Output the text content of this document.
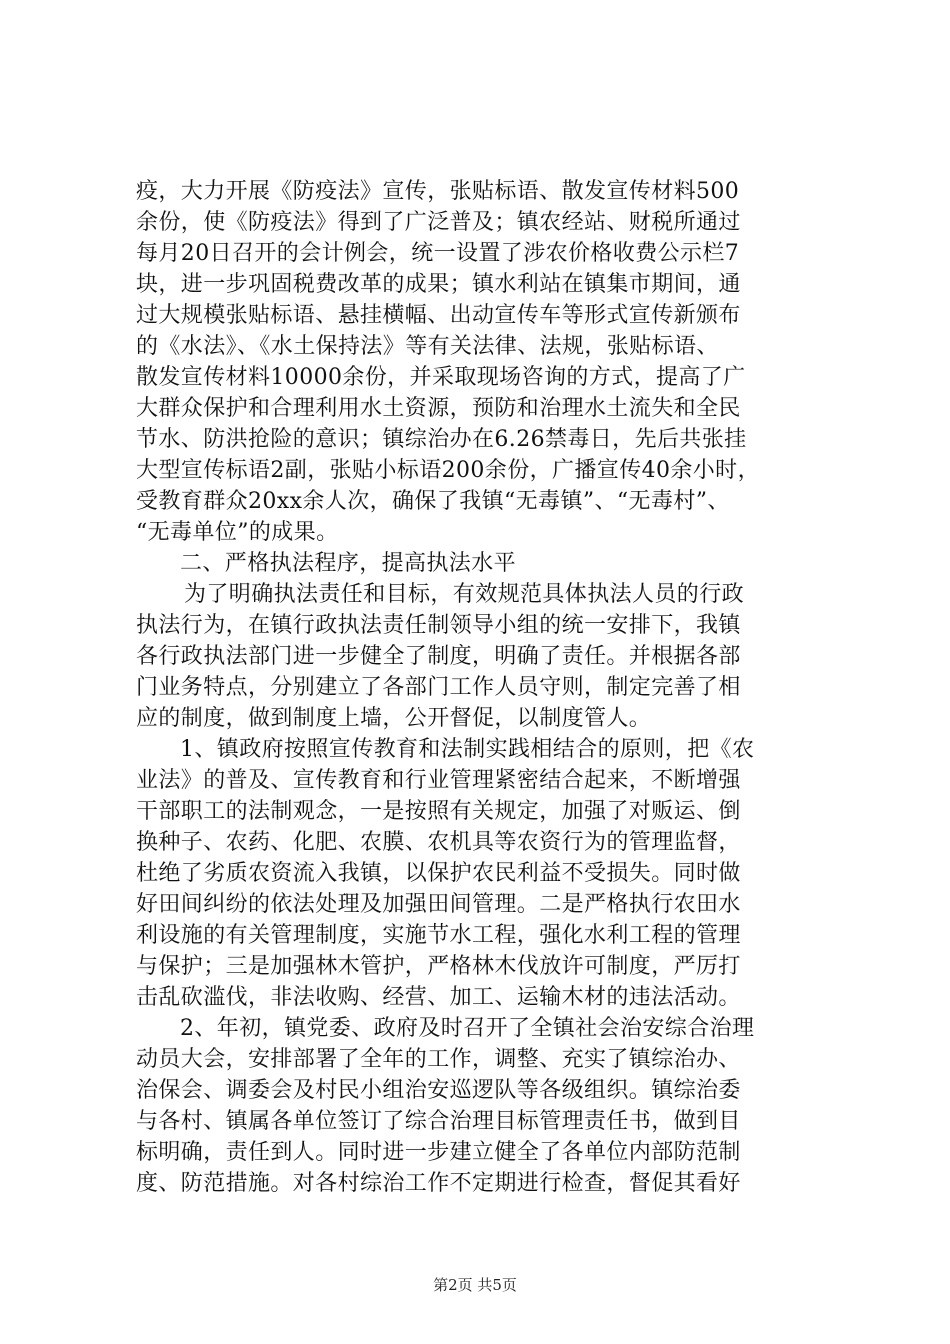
疫，大力开展《防疫法》宣传，张贴标语、散发宣传材料500
余份，使《防疫法》得到了广泛普及；镇农经站、财税所通过
每月20日召开的会计例会，统一设置了涉农价格收费公示栏7
块，进一步巩固税费改革的成果；镇水利站在镇集市期间，通
过大规模张贴标语、悬挂横幅、出动宣传车等形式宣传新颁布
的《水法》、《水土保持法》等有关法律、法规，张贴标语、
散发宣传材料10000余份，并采取现场咨询的方式，提高了广
大群众保护和合理利用水土资源，预防和治理水土流失和全民
节水、防洪抢险的意识；镇综治办在6.26禁毒日，先后共张挂
大型宣传标语2副，张贴小标语200余份，广播宣传40余小时，
受教育群众20xx余人次，确保了我镇“无毒镇”、“无毒村”、
“无毒单位”的成果。
二、严格执法程序，提高执法水平
为了明确执法责任和目标，有效规范具体执法人员的行政
执法行为，在镇行政执法责任制领导小组的统一安排下，我镇
各行政执法部门进一步健全了制度，明确了责任。并根据各部
门业务特点，分别建立了各部门工作人员守则，制定完善了相
应的制度，做到制度上墙，公开督促，以制度管人。
1、镇政府按照宣传教育和法制实践相结合的原则，把《农
业法》的普及、宣传教育和行业管理紧密结合起来，不断增强
干部职工的法制观念，一是按照有关规定，加强了对贩运、倒
换种子、农药、化肥、农膜、农机具等农资行为的管理监督，
杜绝了劣质农资流入我镇，以保护农民利益不受损失。同时做
好田间纠纷的依法处理及加强田间管理。二是严格执行农田水
利设施的有关管理制度，实施节水工程，强化水利工程的管理
与保护；三是加强林木管护，严格林木伐放许可制度，严厉打
击乱砍滥伐，非法收购、经营、加工、运输木材的违法活动。
2、年初，镇党委、政府及时召开了全镇社会治安综合治理
动员大会，安排部署了全年的工作，调整、充实了镇综治办、
治保会、调委会及村民小组治安巡逻队等各级组织。镇综治委
与各村、镇属各单位签订了综合治理目标管理责任书，做到目
标明确，责任到人。同时进一步建立健全了各单位内部防范制
度、防范措施。对各村综治工作不定期进行检查，督促其看好
第2页 共5页
